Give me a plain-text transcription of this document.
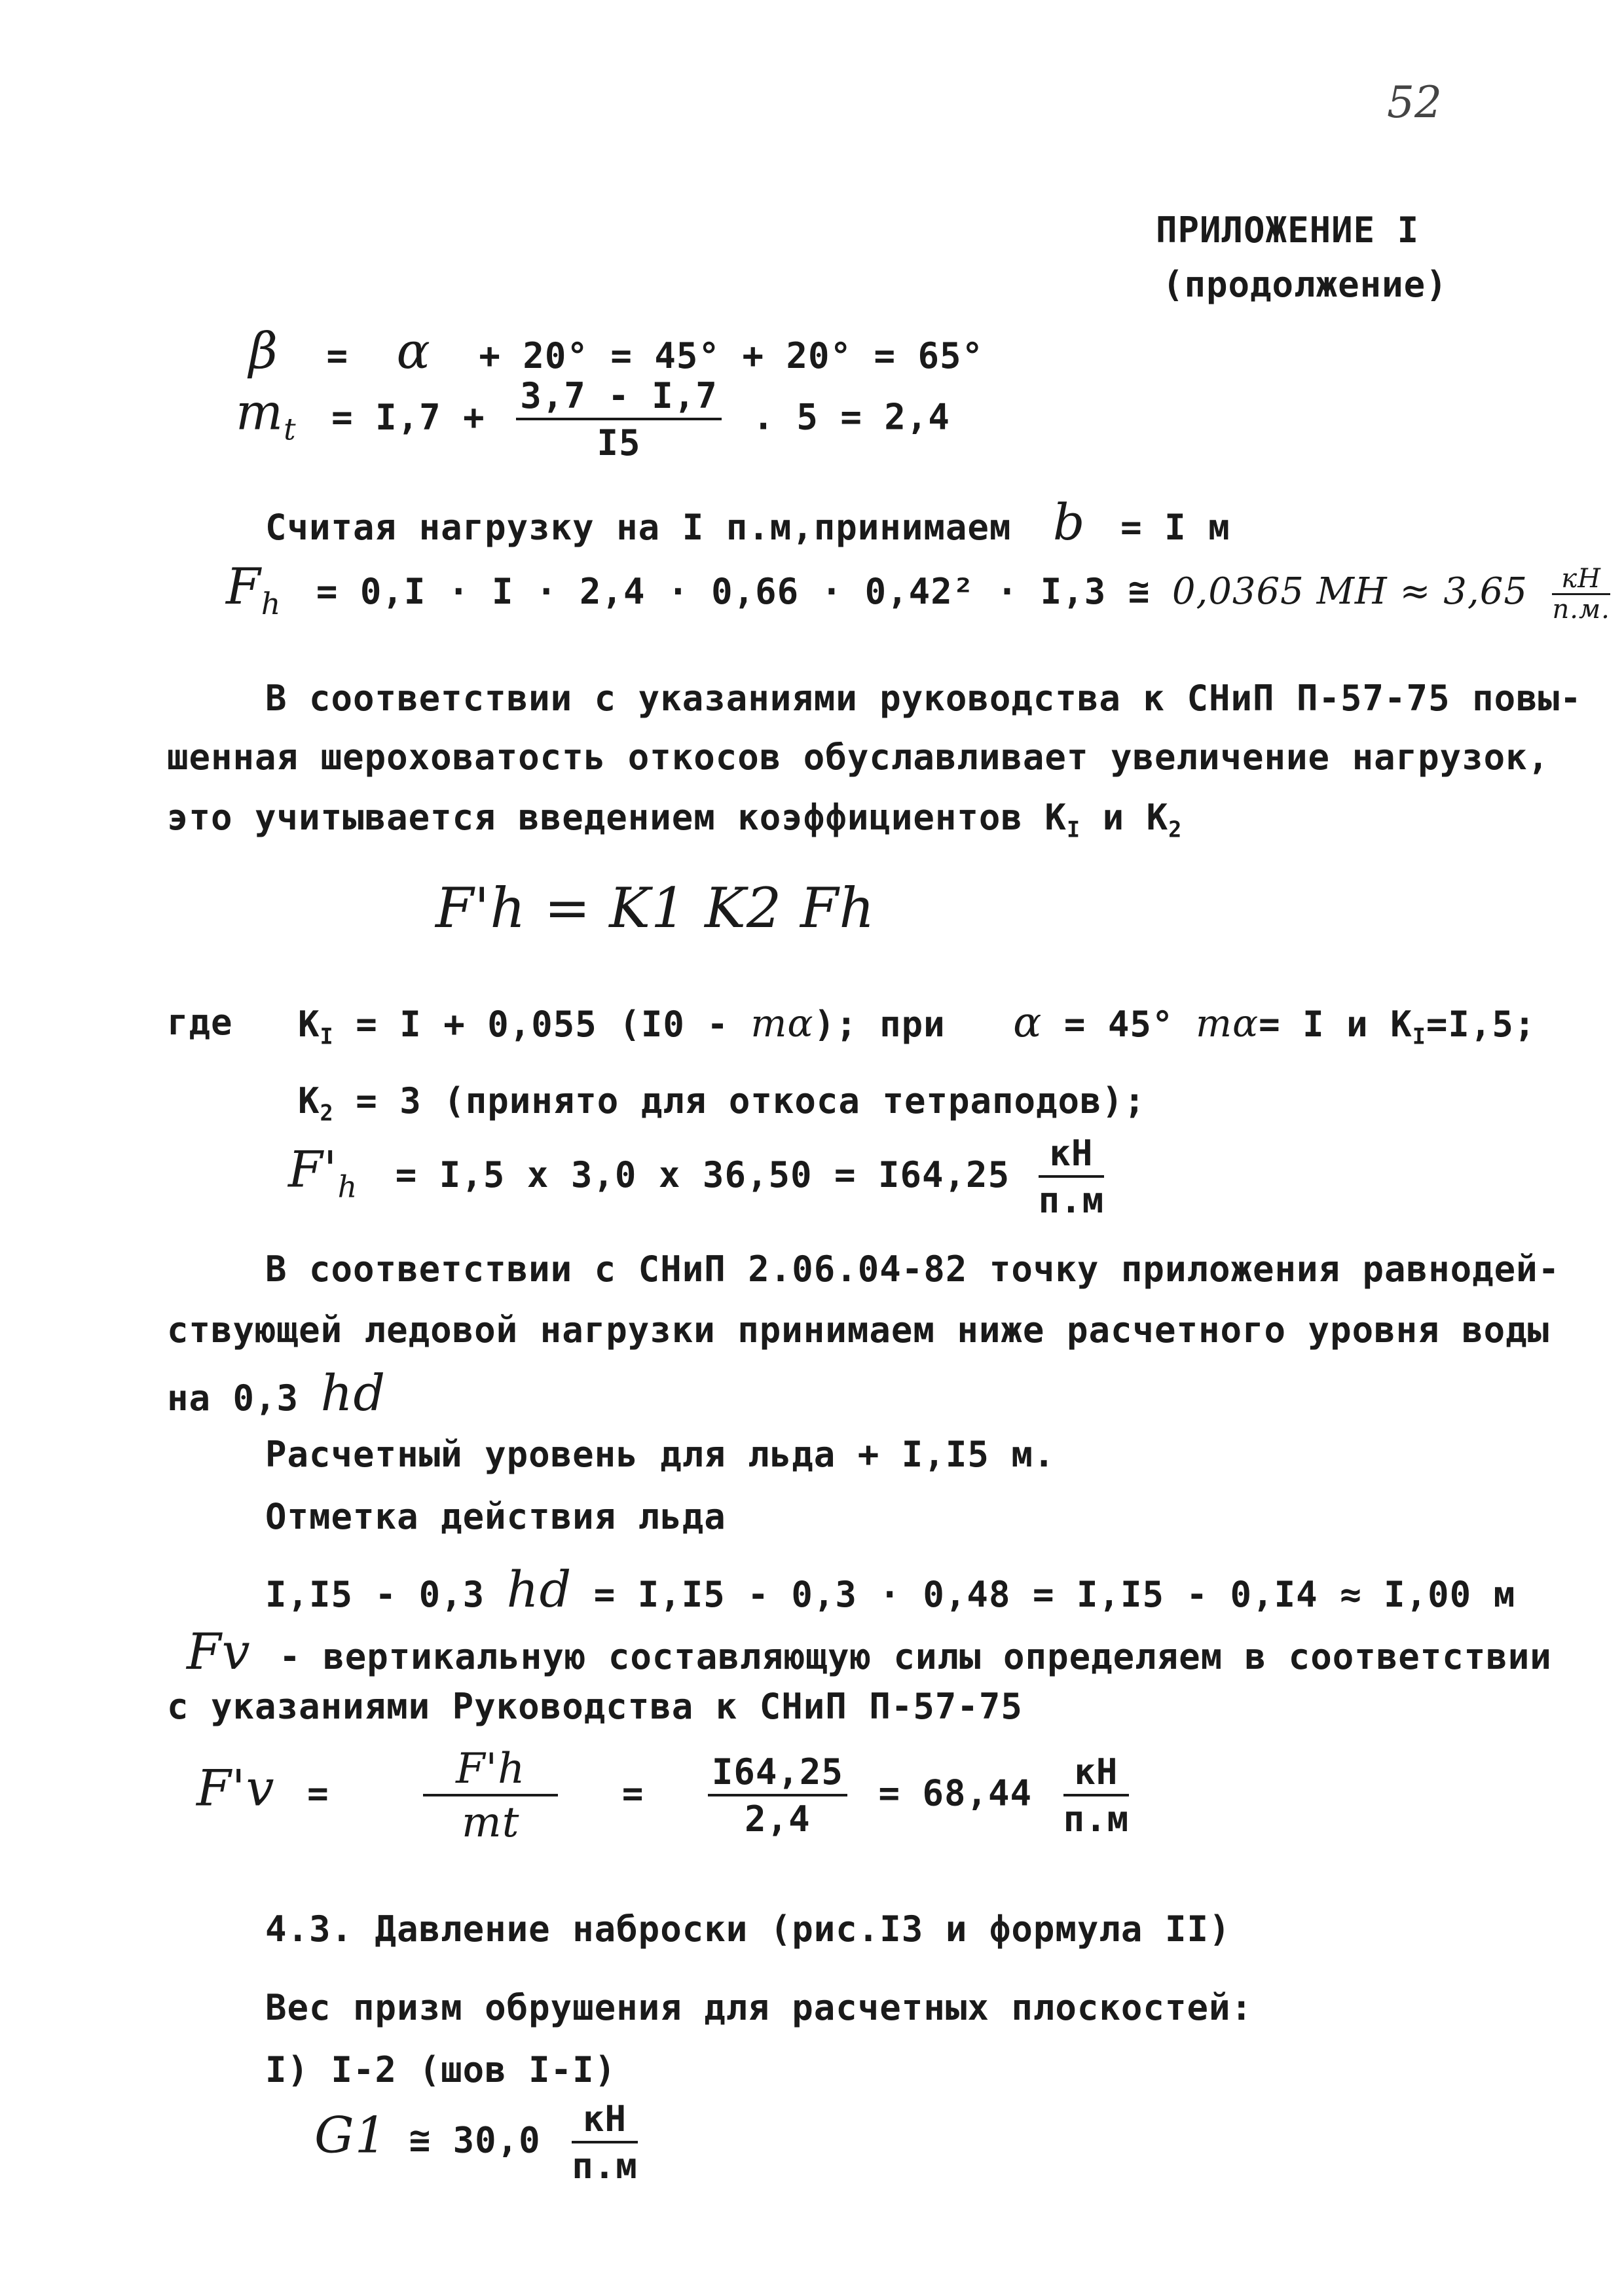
52
ПРИЛОЖЕНИЕ I
(продолжение)
β = α + 20° = 45° + 20° = 65°
mt = $I,7 + \frac{3,7 - I,7}{I5}$ . 5 = 2,4
Считая нагрузку на I п.м,принимаем b = I м
Fh = 0,I · I · 2,4 · 0,66 · 0,42² · I,3 ≅ 0,0365 МН ≈ $3,65 \frac{кН}{п.м.}$
В соответствии с указаниями руководства к СНиП П-57-75 повы-
шенная шероховатость откосов обуславливает увеличение нагрузок,
это учитывается введением коэффициентов $K_I$ и $K_2$
F'h = K1 K2 Fh
где $K_I = I + 0,055$ (I0 - mα); при α = 45° mα= I и $K_I=I,5$;
$K_2 = 3$ (принято для откоса тетраподов);
F'h = I,5 x 3,0 x $36,50 = I64,25 \frac{кН}{п.м}$
В соответствии с СНиП 2.06.04-82 точку приложения равнодей-
ствующей ледовой нагрузки принимаем ниже расчетного уровня воды
на 0,3 hd
Расчетный уровень для льда + I,I5 м.
Отметка действия льда
I,I5 - 0,3 hd = I,I5 - 0,3 · 0,48 = I,I5 - 0,I4 ≈ I,00 м
Fv - вертикальную составляющую силы определяем в соответствии
с указаниями Руководства к СНиП П-57-75
$F'v = \frac{F'h}{mt} = \frac{I64,25}{2,4} = 68,44 \frac{кН}{п.м}$
4.3. Давление наброски (рис.I3 и формула II)
Вес призм обрушения для расчетных плоскостей:
I) I-2 (шов I-I)
G1 ≅ $30,0 \frac{кН}{п.м}$
